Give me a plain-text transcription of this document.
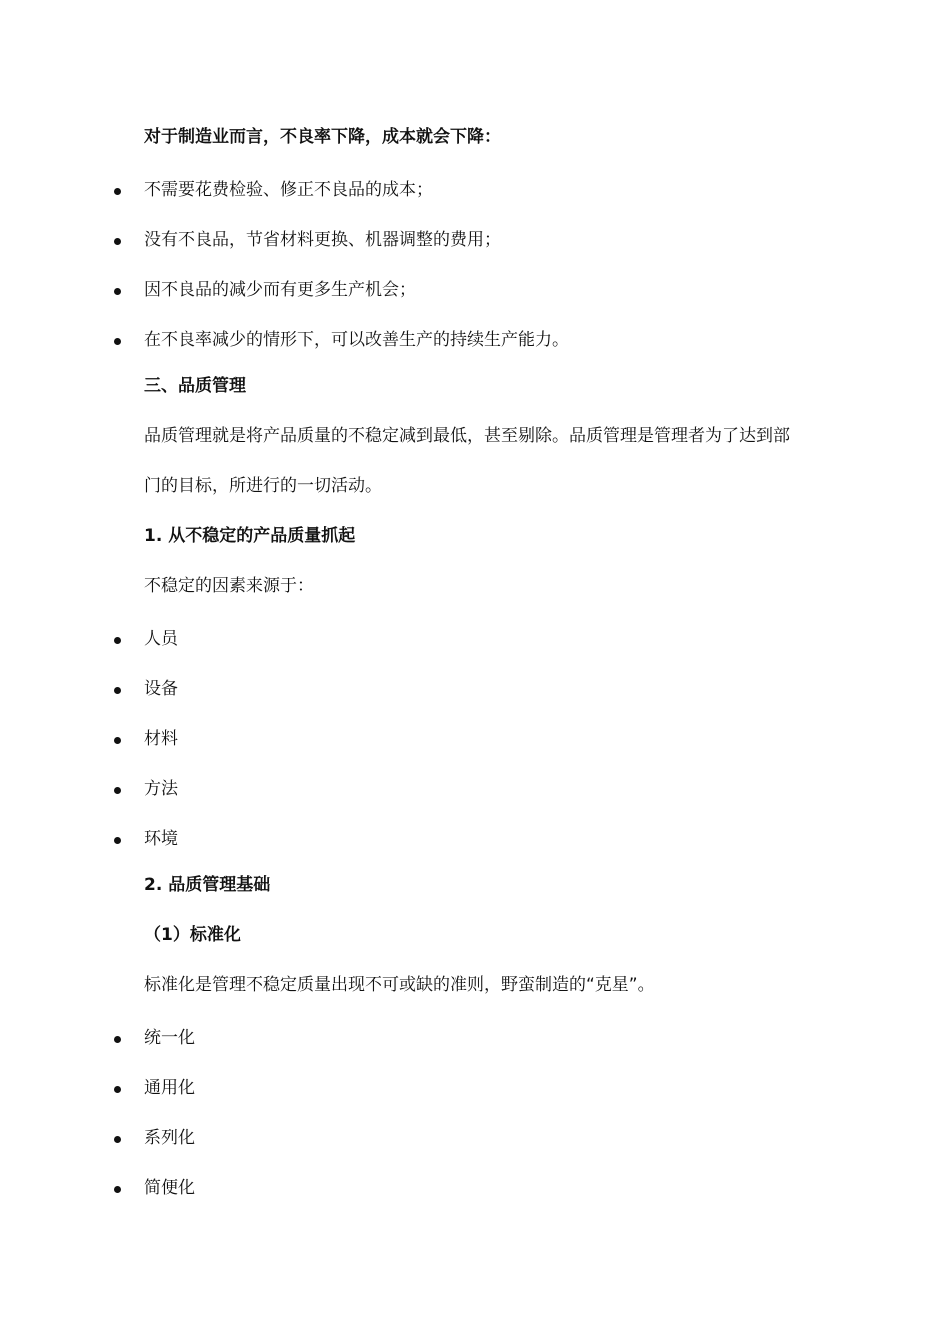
对于制造业而言，不良率下降，成本就会下降：
不需要花费检验、修正不良品的成本；
没有不良品，节省材料更换、机器调整的费用；
因不良品的减少而有更多生产机会；
在不良率减少的情形下，可以改善生产的持续生产能力。
三、品质管理
品质管理就是将产品质量的不稳定减到最低，甚至剔除。品质管理是管理者为了达到部
门的目标，所进行的一切活动。
1. 从不稳定的产品质量抓起
不稳定的因素来源于：
人员
设备
材料
方法
环境
2. 品质管理基础
（1）标准化
标准化是管理不稳定质量出现不可或缺的准则，野蛮制造的“克星”。
统一化
通用化
系列化
简便化
